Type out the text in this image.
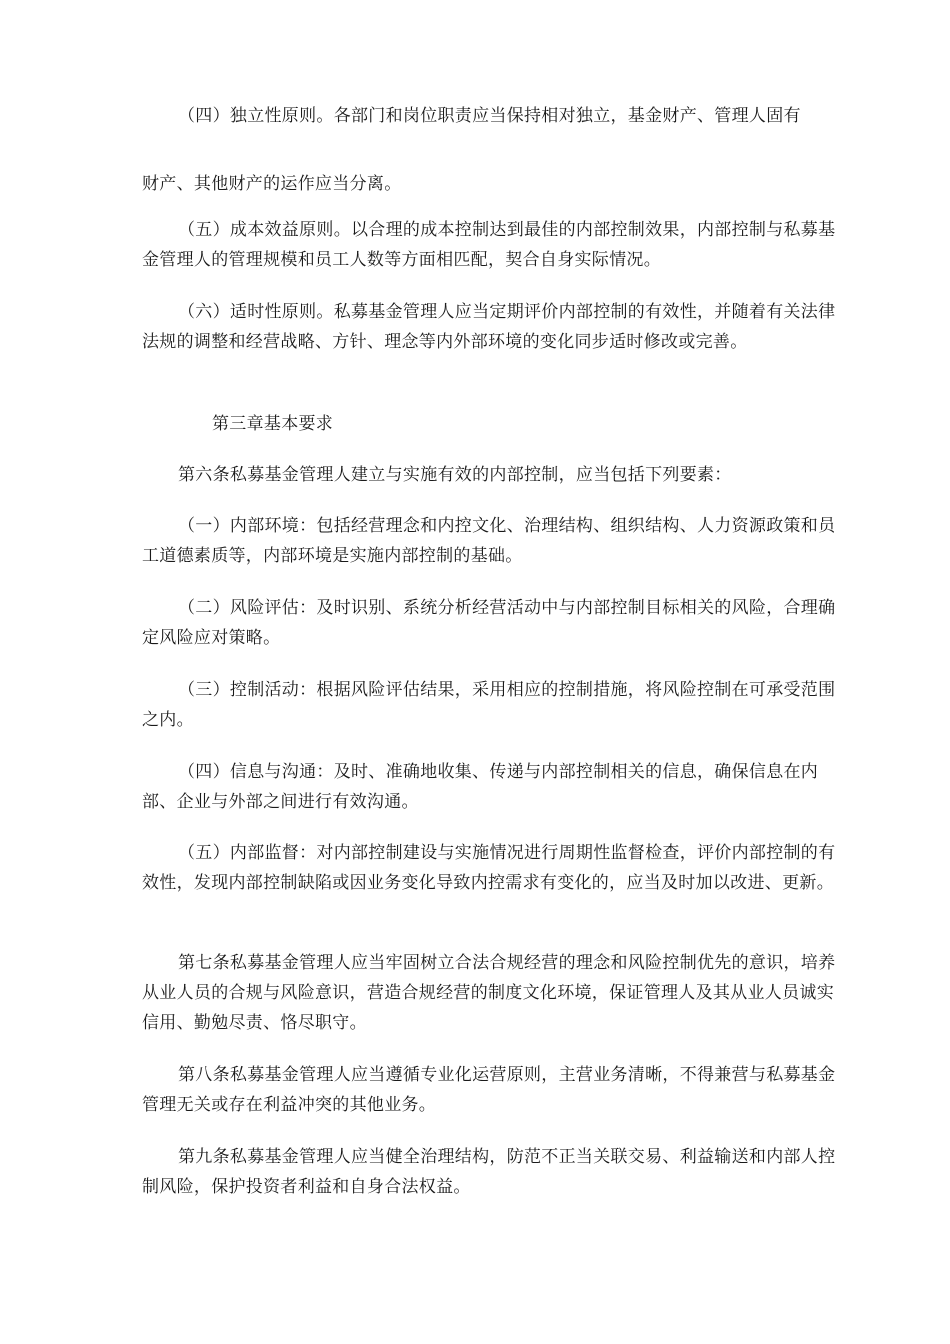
（四）独立性原则。各部门和岗位职责应当保持相对独立，基金财产、管理人固有

财产、其他财产的运作应当分离。

（五）成本效益原则。以合理的成本控制达到最佳的内部控制效果，内部控制与私募基金管理人的管理规模和员工人数等方面相匹配，契合自身实际情况。

（六）适时性原则。私募基金管理人应当定期评价内部控制的有效性，并随着有关法律法规的调整和经营战略、方针、理念等内外部环境的变化同步适时修改或完善。

第三章基本要求

第六条私募基金管理人建立与实施有效的内部控制，应当包括下列要素：

（一）内部环境：包括经营理念和内控文化、治理结构、组织结构、人力资源政策和员工道德素质等，内部环境是实施内部控制的基础。

（二）风险评估：及时识别、系统分析经营活动中与内部控制目标相关的风险，合理确定风险应对策略。

（三）控制活动：根据风险评估结果，采用相应的控制措施，将风险控制在可承受范围之内。

（四）信息与沟通：及时、准确地收集、传递与内部控制相关的信息，确保信息在内部、企业与外部之间进行有效沟通。

（五）内部监督：对内部控制建设与实施情况进行周期性监督检查，评价内部控制的有效性，发现内部控制缺陷或因业务变化导致内控需求有变化的，应当及时加以改进、更新。

第七条私募基金管理人应当牢固树立合法合规经营的理念和风险控制优先的意识，培养从业人员的合规与风险意识，营造合规经营的制度文化环境，保证管理人及其从业人员诚实信用、勤勉尽责、恪尽职守。

第八条私募基金管理人应当遵循专业化运营原则，主营业务清晰，不得兼营与私募基金管理无关或存在利益冲突的其他业务。

第九条私募基金管理人应当健全治理结构，防范不正当关联交易、利益输送和内部人控制风险，保护投资者利益和自身合法权益。
